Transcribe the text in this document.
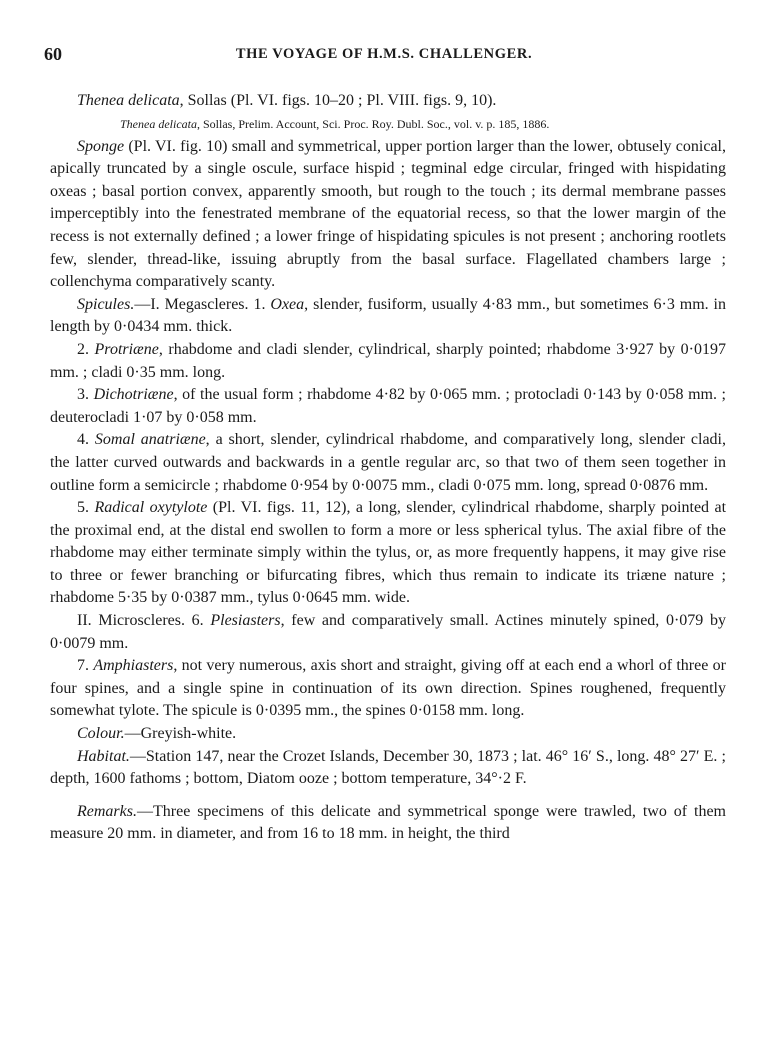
60	THE VOYAGE OF H.M.S. CHALLENGER.

Thenea delicata, Sollas (Pl. VI. figs. 10–20 ; Pl. VIII. figs. 9, 10).

Thenea delicata, Sollas, Prelim. Account, Sci. Proc. Roy. Dubl. Soc., vol. v. p. 185, 1886.

Sponge (Pl. VI. fig. 10) small and symmetrical, upper portion larger than the lower, obtusely conical, apically truncated by a single oscule, surface hispid ; tegminal edge circular, fringed with hispidating oxeas ; basal portion convex, apparently smooth, but rough to the touch ; its dermal membrane passes imperceptibly into the fenestrated membrane of the equatorial recess, so that the lower margin of the recess is not externally defined ; a lower fringe of hispidating spicules is not present ; anchoring rootlets few, slender, thread-like, issuing abruptly from the basal surface. Flagellated chambers large ; collenchyma comparatively scanty.

Spicules.—I. Megascleres. 1. Oxea, slender, fusiform, usually 4·83 mm., but sometimes 6·3 mm. in length by 0·0434 mm. thick.

2. Protriæne, rhabdome and cladi slender, cylindrical, sharply pointed; rhabdome 3·927 by 0·0197 mm. ; cladi 0·35 mm. long.

3. Dichotriæne, of the usual form ; rhabdome 4·82 by 0·065 mm. ; protocladi 0·143 by 0·058 mm. ; deuterocladi 1·07 by 0·058 mm.

4. Somal anatriæne, a short, slender, cylindrical rhabdome, and comparatively long, slender cladi, the latter curved outwards and backwards in a gentle regular arc, so that two of them seen together in outline form a semicircle ; rhabdome 0·954 by 0·0075 mm., cladi 0·075 mm. long, spread 0·0876 mm.

5. Radical oxytylote (Pl. VI. figs. 11, 12), a long, slender, cylindrical rhabdome, sharply pointed at the proximal end, at the distal end swollen to form a more or less spherical tylus. The axial fibre of the rhabdome may either terminate simply within the tylus, or, as more frequently happens, it may give rise to three or fewer branching or bifurcating fibres, which thus remain to indicate its triæne nature ; rhabdome 5·35 by 0·0387 mm., tylus 0·0645 mm. wide.

II. Microscleres. 6. Plesiasters, few and comparatively small. Actines minutely spined, 0·079 by 0·0079 mm.

7. Amphiasters, not very numerous, axis short and straight, giving off at each end a whorl of three or four spines, and a single spine in continuation of its own direction. Spines roughened, frequently somewhat tylote. The spicule is 0·0395 mm., the spines 0·0158 mm. long.

Colour.—Greyish-white.

Habitat.—Station 147, near the Crozet Islands, December 30, 1873 ; lat. 46° 16′ S., long. 48° 27′ E. ; depth, 1600 fathoms ; bottom, Diatom ooze ; bottom temperature, 34°·2 F.

Remarks.—Three specimens of this delicate and symmetrical sponge were trawled, two of them measure 20 mm. in diameter, and from 16 to 18 mm. in height, the third
